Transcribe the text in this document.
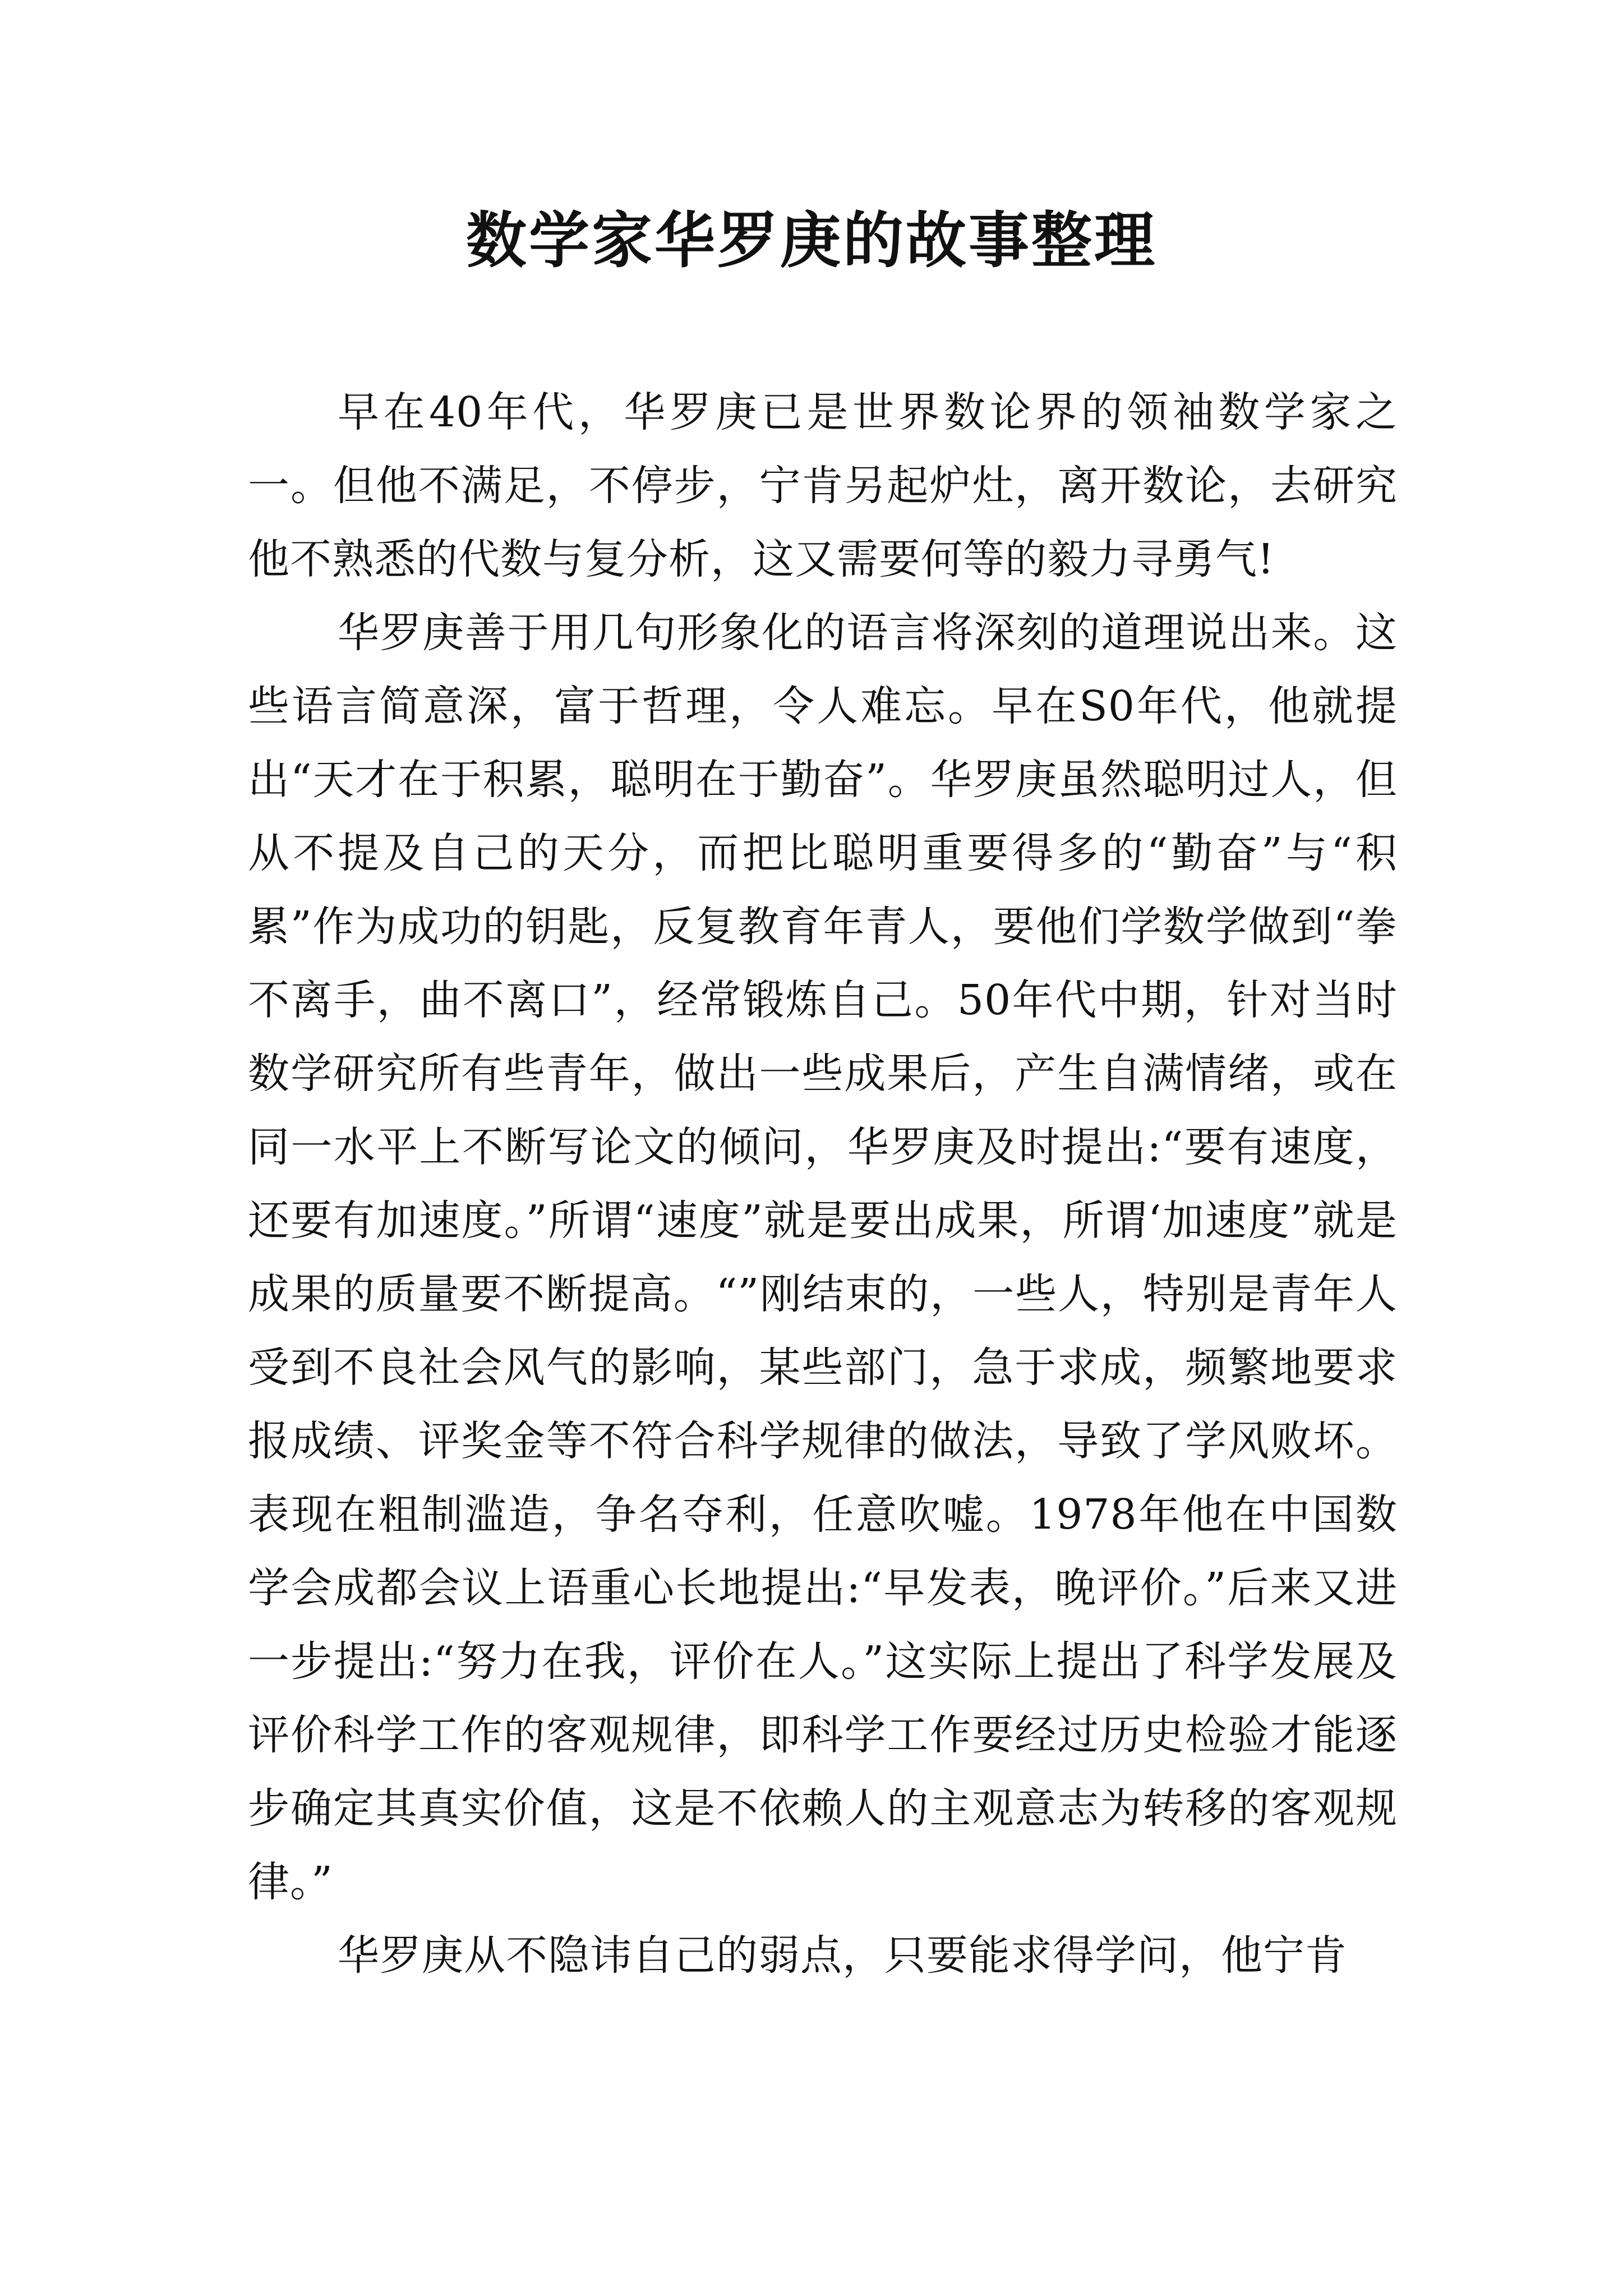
数学家华罗庚的故事整理

早在40年代，华罗庚已是世界数论界的领袖数学家之一。但他不满足，不停步，宁肯另起炉灶，离开数论，去研究他不熟悉的代数与复分析，这又需要何等的毅力寻勇气!

华罗庚善于用几句形象化的语言将深刻的道理说出来。这些语言简意深，富于哲理，令人难忘。早在S0年代，他就提出“天才在于积累，聪明在于勤奋”。华罗庚虽然聪明过人，但从不提及自己的天分，而把比聪明重要得多的“勤奋”与“积累”作为成功的钥匙，反复教育年青人，要他们学数学做到“拳不离手，曲不离口”，经常锻炼自己。50年代中期，针对当时数学研究所有些青年，做出一些成果后，产生自满情绪，或在同一水平上不断写论文的倾问，华罗庚及时提出:“要有速度，还要有加速度。”所谓“速度”就是要出成果，所谓‘加速度”就是成果的质量要不断提高。“”刚结束的，一些人，特别是青年人受到不良社会风气的影响，某些部门，急于求成，频繁地要求报成绩、评奖金等不符合科学规律的做法，导致了学风败坏。表现在粗制滥造，争名夺利，任意吹嘘。1978年他在中国数学会成都会议上语重心长地提出:“早发表，晚评价。”后来又进一步提出:“努力在我，评价在人。”这实际上提出了科学发展及评价科学工作的客观规律，即科学工作要经过历史检验才能逐步确定其真实价值，这是不依赖人的主观意志为转移的客观规律。”

华罗庚从不隐讳自己的弱点，只要能求得学问，他宁肯
